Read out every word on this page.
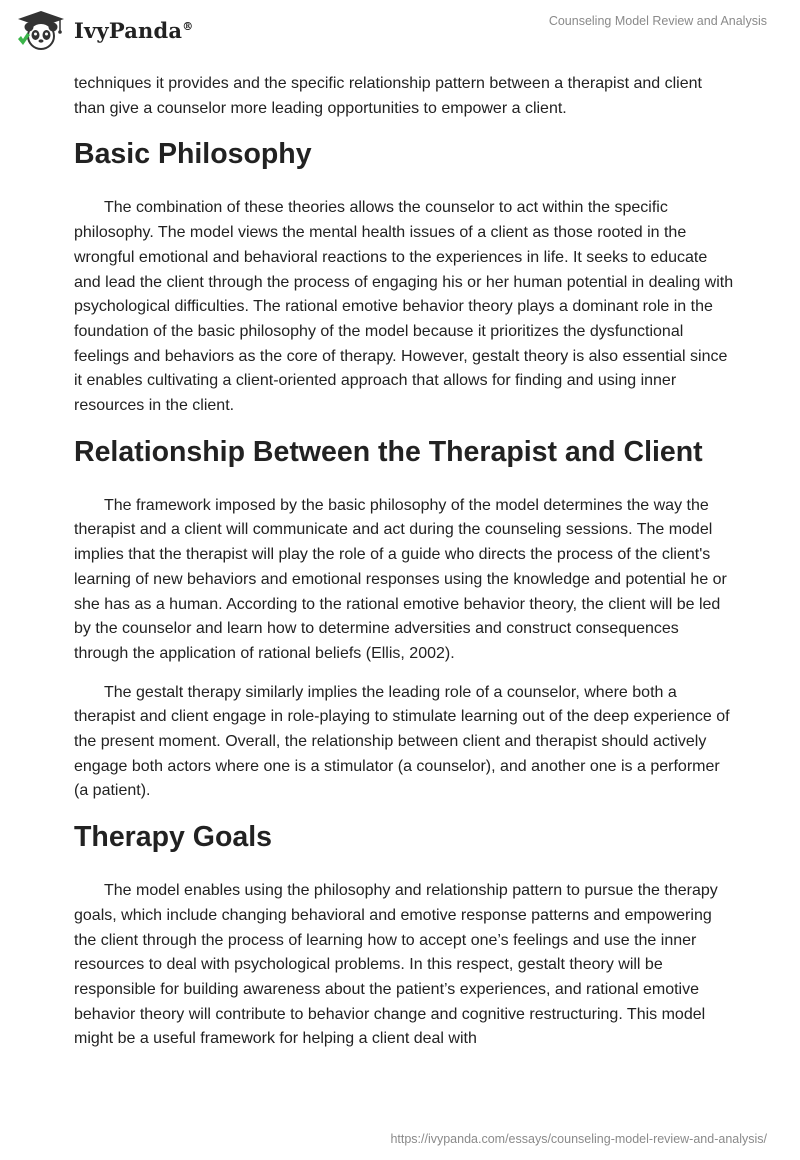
IvyPanda®	Counseling Model Review and Analysis

techniques it provides and the specific relationship pattern between a therapist and client than give a counselor more leading opportunities to empower a client.

Basic Philosophy

The combination of these theories allows the counselor to act within the specific philosophy. The model views the mental health issues of a client as those rooted in the wrongful emotional and behavioral reactions to the experiences in life. It seeks to educate and lead the client through the process of engaging his or her human potential in dealing with psychological difficulties. The rational emotive behavior theory plays a dominant role in the foundation of the basic philosophy of the model because it prioritizes the dysfunctional feelings and behaviors as the core of therapy. However, gestalt theory is also essential since it enables cultivating a client-oriented approach that allows for finding and using inner resources in the client.

Relationship Between the Therapist and Client

The framework imposed by the basic philosophy of the model determines the way the therapist and a client will communicate and act during the counseling sessions. The model implies that the therapist will play the role of a guide who directs the process of the client's learning of new behaviors and emotional responses using the knowledge and potential he or she has as a human. According to the rational emotive behavior theory, the client will be led by the counselor and learn how to determine adversities and construct consequences through the application of rational beliefs (Ellis, 2002).

The gestalt therapy similarly implies the leading role of a counselor, where both a therapist and client engage in role-playing to stimulate learning out of the deep experience of the present moment. Overall, the relationship between client and therapist should actively engage both actors where one is a stimulator (a counselor), and another one is a performer (a patient).

Therapy Goals

The model enables using the philosophy and relationship pattern to pursue the therapy goals, which include changing behavioral and emotive response patterns and empowering the client through the process of learning how to accept one’s feelings and use the inner resources to deal with psychological problems. In this respect, gestalt theory will be responsible for building awareness about the patient’s experiences, and rational emotive behavior theory will contribute to behavior change and cognitive restructuring. This model might be a useful framework for helping a client deal with

https://ivypanda.com/essays/counseling-model-review-and-analysis/
